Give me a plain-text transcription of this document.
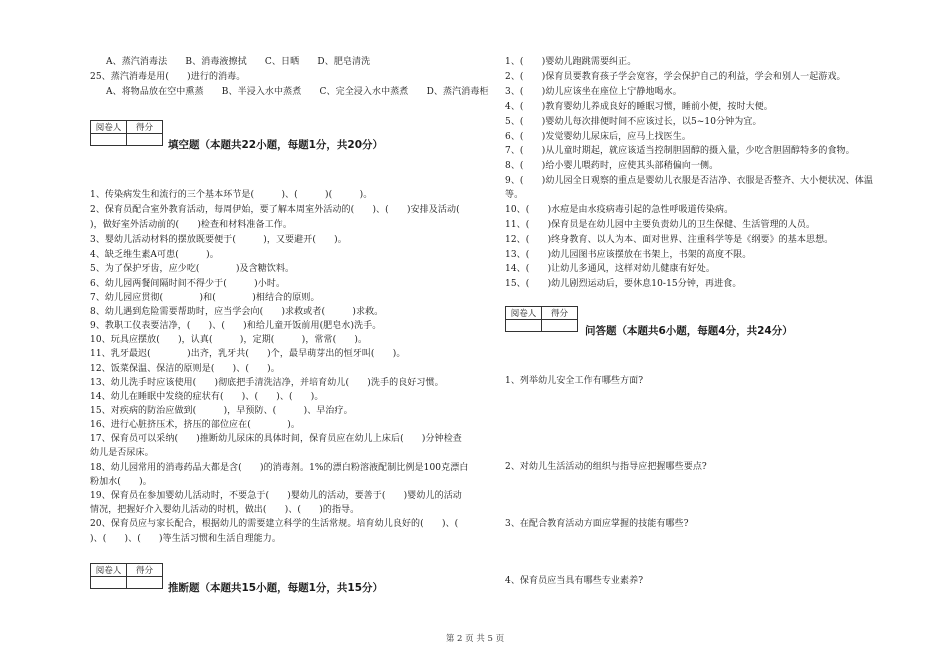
A、蒸汽消毒法　　B、消毒液擦拭　　C、日晒　　D、肥皂清洗
25、蒸汽消毒是用(　　)进行的消毒。
A、将物品放在空中熏蒸　　B、半浸入水中蒸煮　　C、完全浸入水中蒸煮　　D、蒸汽消毒柜
阅卷人	得分

填空题（本题共22小题，每题1分，共20分）
1、传染病发生和流行的三个基本环节是(　　　)、(　　　)(　　　)。
2、保育员配合室外教育活动，每周伊始，要了解本周室外活动的(　　)、(　　)安排及活动(
)，做好室外活动前的(　　)检查和材料准备工作。
3、婴幼儿活动材料的摆放既要便于(　　　)，又要避开(　　)。
4、缺乏维生素A可患(　　　)。
5、为了保护牙齿，应少吃(　　　　)及含糖饮料。
6、幼儿园两餐间隔时间不得少于(　　　)小时。
7、幼儿园应贯彻(　　　　)和(　　　　)相结合的原则。
8、幼儿遇到危险需要帮助时，应当学会向(　　)求救或者(　　　)求救。
9、教职工仪表要洁净，(　　)、(　　)和给儿童开饭前用(肥皂水)洗手。
10、玩具应摆放(　　)，认真(　　　)，定期(　　　)，常常(　　)。
11、乳牙最迟(　　　　)出齐，乳牙共(　　)个，最早萌芽出的恒牙叫(　　)。
12、饭菜保温、保洁的原则是(　　)、(　　)。
13、幼儿洗手时应该使用(　　)彻底把手清洗洁净，并培育幼儿(　　)洗手的良好习惯。
14、幼儿在睡眠中发绕的症状有(　　)、(　　)、(　　)。
15、对疾病的防治应做到(　　　)，早预防、(　　　)、早治疗。
16、进行心脏挤压术，挤压的部位应在(　　　　)。
17、保育员可以采纳(　　)推断幼儿尿床的具体时间，保育员应在幼儿上床后(　　)分钟检查
幼儿是否尿床。
18、幼儿园常用的消毒药品大都是含(　　)的消毒剂。1%的漂白粉溶液配制比例是100克漂白
粉加水(　　)。
19、保育员在参加婴幼儿活动时，不要急于(　　)婴幼儿的活动，要善于(　　)婴幼儿的活动
情况，把握好介入婴幼儿活动的时机，做出(　　)、(　　)的指导。
20、保育员应与家长配合，根据幼儿的需要建立科学的生活常规。培育幼儿良好的(　　)、(　
)、(　　)、(　　)等生活习惯和生活自理能力。
阅卷人	得分

推断题（本题共15小题，每题1分，共15分）
1、(　　)婴幼儿跑跳需要纠正。
2、(　　)保育员要教育孩子学会宽容，学会保护自己的利益，学会和别人一起游戏。
3、(　　)幼儿应该坐在座位上宁静地喝水。
4、(　　)教育婴幼儿养成良好的睡眠习惯，睡前小便，按时大便。
5、(　　)婴幼儿每次排便时间不应该过长，以5~10分钟为宜。
6、(　　)发觉婴幼儿尿床后，应马上找医生。
7、(　　)从儿童时期起，就应该适当控制胆固醇的摄入量，少吃含胆固醇特多的食物。
8、(　　)给小婴儿喂药时，应使其头部稍偏向一侧。
9、(　　)幼儿园全日观察的重点是婴幼儿衣服是否洁净、衣服是否整齐、大小便状况、体温
等。
10、(　　)水痘是由水疫病毒引起的急性呼吸道传染病。
11、(　　)保育员是在幼儿园中主要负责幼儿的卫生保健、生活管理的人员。
12、(　　)终身教育、以人为本、面对世界、注重科学等是《纲要》的基本思想。
13、(　　)幼儿园图书应该摆放在书架上，书架的高度不限。
14、(　　)让幼儿多通风，这样对幼儿健康有好处。
15、(　　)幼儿剧烈运动后，要休息10-15分钟，再进食。
阅卷人	得分

问答题（本题共6小题，每题4分，共24分）
1、列举幼儿安全工作有哪些方面?
2、对幼儿生活活动的组织与指导应把握哪些要点?
3、在配合教育活动方面应掌握的技能有哪些?
4、保育员应当具有哪些专业素养?
第 2 页 共 5 页
